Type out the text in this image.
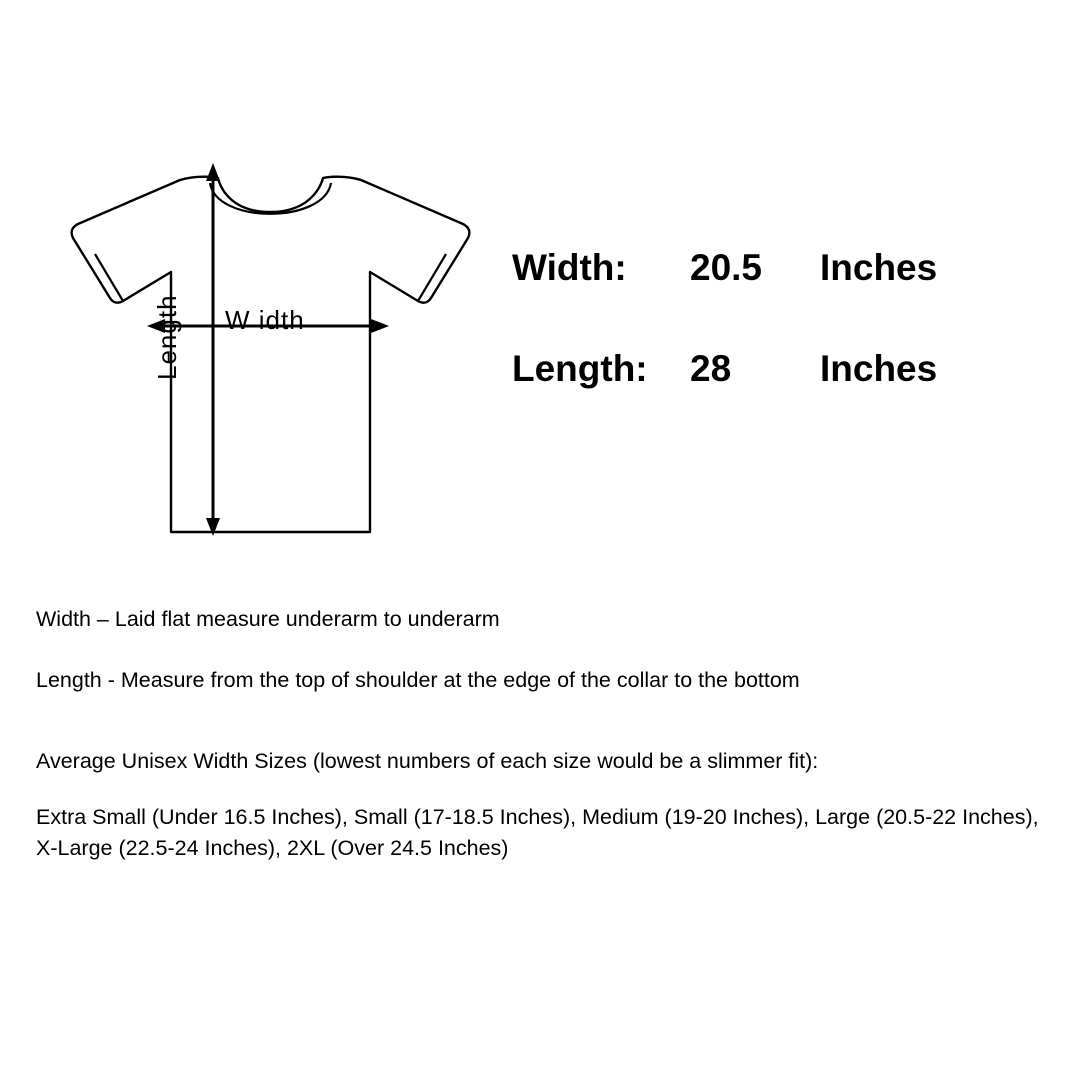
W idth
Length
Width:	20.5	Inches
Length:	28	Inches
Width – Laid flat measure underarm to underarm
Length - Measure from the top of shoulder at the edge of the collar to the bottom
Average Unisex Width Sizes (lowest numbers of each size would be a slimmer fit):
Extra Small (Under 16.5 Inches), Small (17-18.5 Inches), Medium (19-20 Inches), Large (20.5-22 Inches), X-Large (22.5-24 Inches), 2XL (Over 24.5 Inches)
